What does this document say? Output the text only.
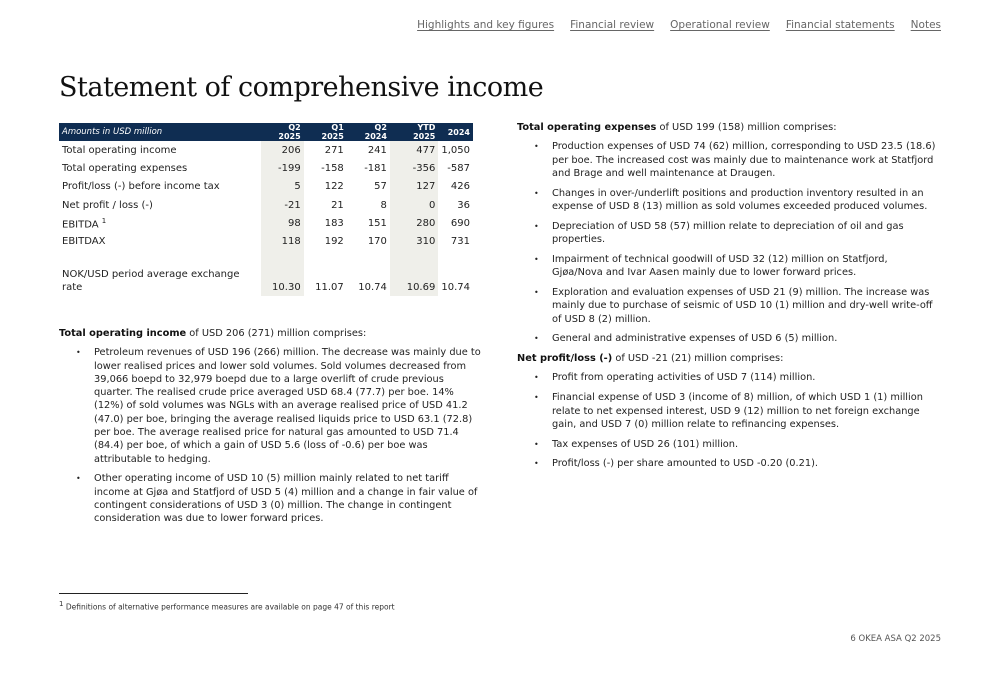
Highlights and key figures Financial review Operational review Financial statements Notes
Statement of comprehensive income
Amounts in USD million	Q2 2025	Q1 2025	Q2 2024	YTD 2025	2024
Total operating income	206	271	241	477	1,050
Total operating expenses	-199	-158	-181	-356	-587
Profit/loss (-) before income tax	5	122	57	127	426
Net profit / loss (-)	-21	21	8	0	36
EBITDA $^1$	98	183	151	280	690
EBITDAX	118	192	170	310	731

NOK/USD period average exchange rate	10.30	11.07	10.74	10.69	10.74

Total operating income of USD 206 (271) million comprises:

• Petroleum revenues of USD 196 (266) million. The decrease was mainly due to lower realised prices and lower sold volumes. Sold volumes decreased from 39,066 boepd to 32,979 boepd due to a large overlift of crude previous quarter. The realised crude price averaged USD 68.4 (77.7) per boe. 14% (12%) of sold volumes was NGLs with an average realised price of USD 41.2 (47.0) per boe, bringing the average realised liquids price to USD 63.1 (72.8) per boe. The average realised price for natural gas amounted to USD 71.4 (84.4) per boe, of which a gain of USD 5.6 (loss of -0.6) per boe was attributable to hedging.
• Other operating income of USD 10 (5) million mainly related to net tariff income at Gjøa and Statfjord of USD 5 (4) million and a change in fair value of contingent considerations of USD 3 (0) million. The change in contingent consideration was due to lower forward prices.

Total operating expenses of USD 199 (158) million comprises:

• Production expenses of USD 74 (62) million, corresponding to USD 23.5 (18.6) per boe. The increased cost was mainly due to maintenance work at Statfjord and Brage and well maintenance at Draugen.
• Changes in over-/underlift positions and production inventory resulted in an expense of USD 8 (13) million as sold volumes exceeded produced volumes.
• Depreciation of USD 58 (57) million relate to depreciation of oil and gas properties.
• Impairment of technical goodwill of USD 32 (12) million on Statfjord, Gjøa/Nova and Ivar Aasen mainly due to lower forward prices.
• Exploration and evaluation expenses of USD 21 (9) million. The increase was mainly due to purchase of seismic of USD 10 (1) million and dry-well write-off of USD 8 (2) million.
• General and administrative expenses of USD 6 (5) million.

Net profit/loss (-) of USD -21 (21) million comprises:

• Profit from operating activities of USD 7 (114) million.
• Financial expense of USD 3 (income of 8) million, of which USD 1 (1) million relate to net expensed interest, USD 9 (12) million to net foreign exchange gain, and USD 7 (0) million relate to refinancing expenses.
• Tax expenses of USD 26 (101) million.
• Profit/loss (-) per share amounted to USD -0.20 (0.21).
$^1$ Definitions of alternative performance measures are available on page 47 of this report
6 OKEA ASA Q2 2025
